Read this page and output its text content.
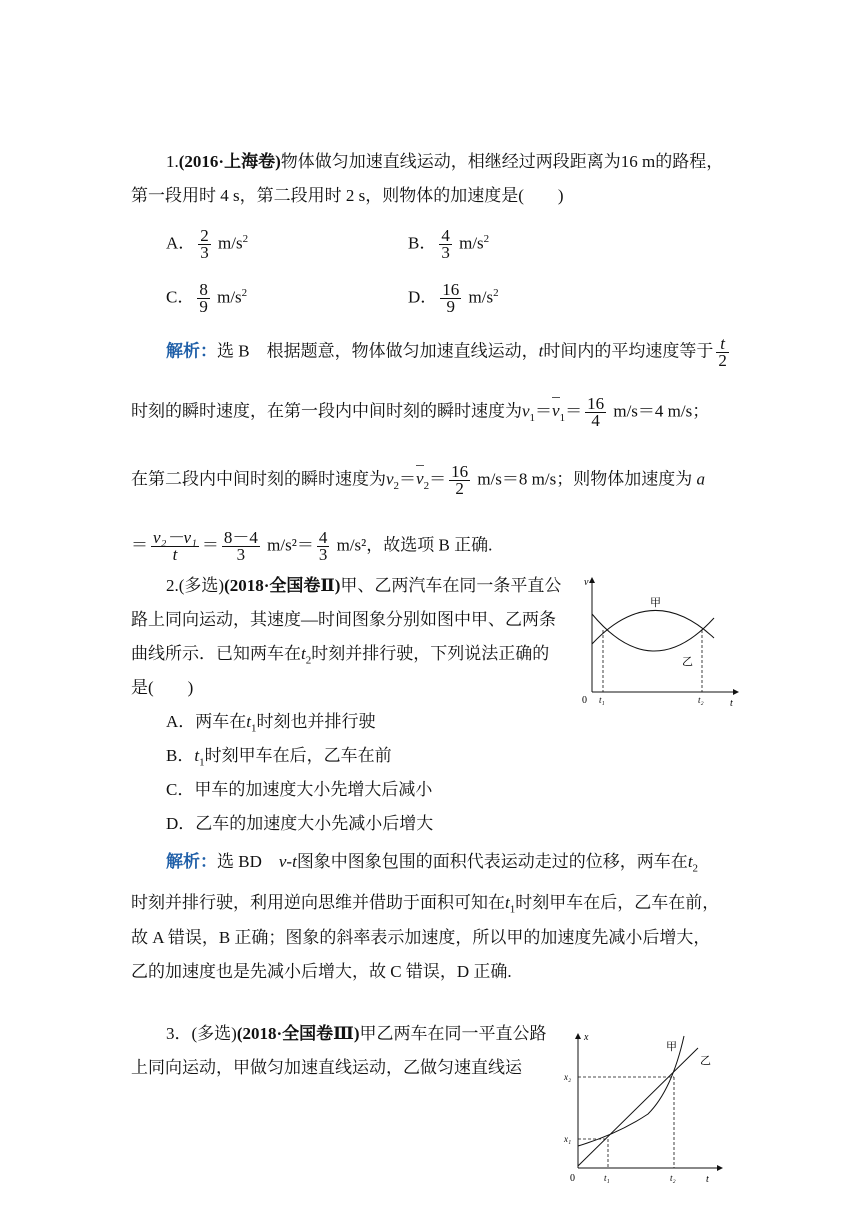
1.(2016·上海卷)物体做匀加速直线运动，相继经过两段距离为16 m的路程，
第一段用时 4 s，第二段用时 2 s，则物体的加速度是(　　)
A． $\frac{2}{3} m/s^2$	B． $\frac{4}{3} m/s^2$
C． $\frac{8}{9} m/s^2$	D． $\frac{16}{9} m/s^2$
解析：选 B　根据题意，物体做匀加速直线运动，t时间内的平均速度等于 $\frac{t}{2}$
时刻的瞬时速度，在第一段内中间时刻的瞬时速度为$v_1=v_1= \frac{16}{4} m/s=4$ m/s；
在第二段内中间时刻的瞬时速度为$v_2=v_2= \frac{16}{2} m/s=8$ m/s；则物体加速度为 a
＝ $\frac{\text{v₂－v₁}}{t} = \frac{8-4}{3} m/s^2= \frac{4}{3} m/s^2$，故选项 B 正确.
2.(多选)(2018·全国卷Ⅱ)甲、乙两汽车在同一条平直公
路上同向运动，其速度—时间图象分别如图中甲、乙两条
曲线所示．已知两车在$t_2$时刻并排行驶，下列说法正确的
是(　　)
A．两车在$t_1$时刻也并排行驶
B．$t_1$时刻甲车在后，乙车在前
C．甲车的加速度大小先增大后减小
D．乙车的加速度大小先减小后增大
v
0	t
t₁	t₂
甲
乙
解析：选 BD　v-t图象中图象包围的面积代表运动走过的位移，两车在$t_2$
时刻并排行驶，利用逆向思维并借助于面积可知在$t_1$时刻甲车在后，乙车在前，
故 A 错误，B 正确；图象的斜率表示加速度，所以甲的加速度先减小后增大，
乙的加速度也是先减小后增大，故 C 错误，D 正确.
3．(多选)(2018·全国卷Ⅲ)甲乙两车在同一平直公路
上同向运动，甲做匀加速直线运动，乙做匀速直线运
x
0	t
t₁	t₂
x₁
x₂
甲
乙
